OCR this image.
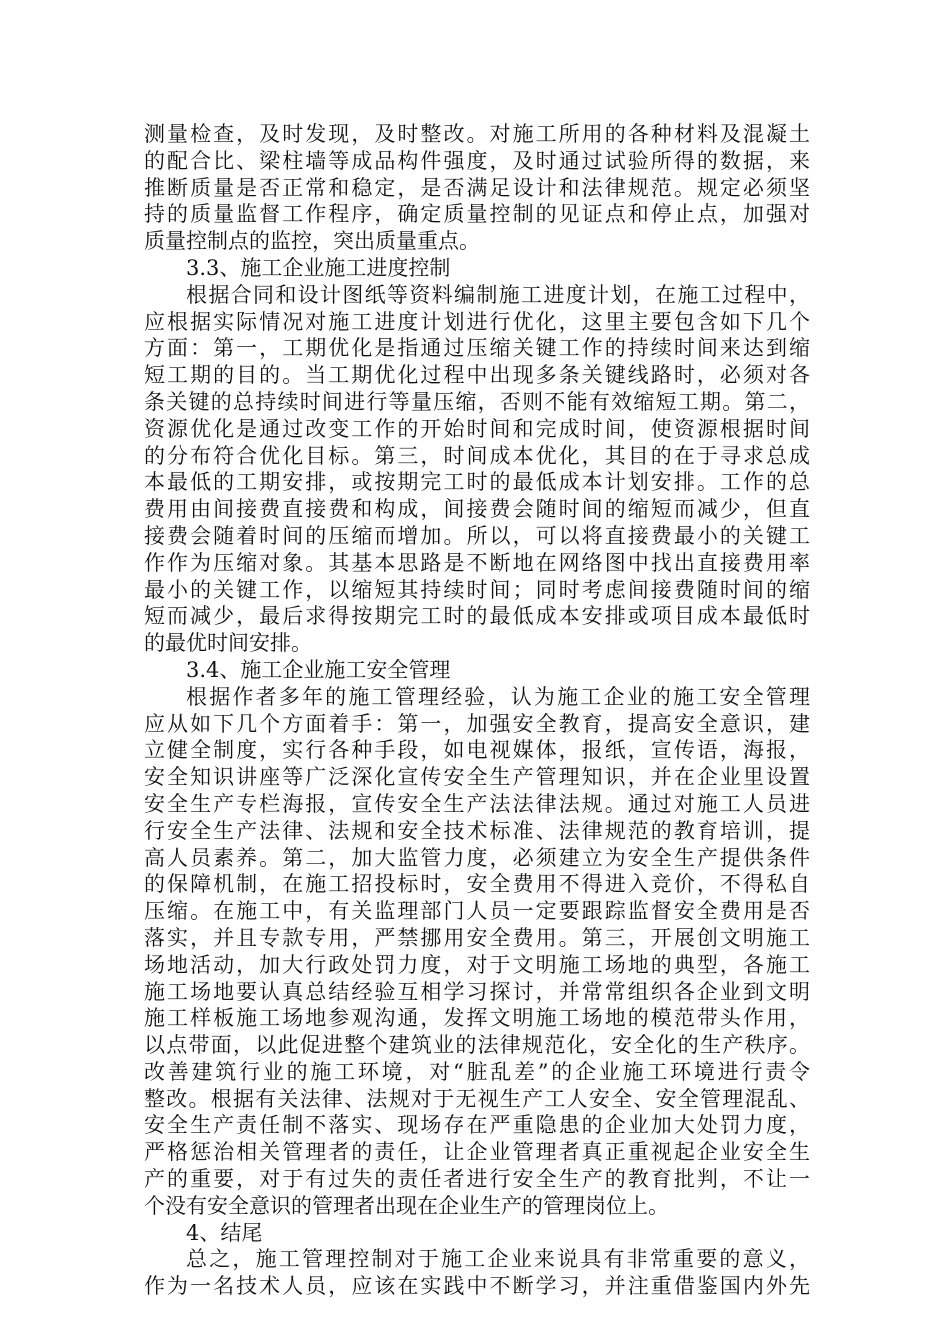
测量检查，及时发现，及时整改。对施工所用的各种材料及混凝土
的配合比、梁柱墙等成品构件强度，及时通过试验所得的数据，来
推断质量是否正常和稳定，是否满足设计和法律规范。规定必须坚
持的质量监督工作程序，确定质量控制的见证点和停止点，加强对
质量控制点的监控，突出质量重点。
3.3、施工企业施工进度控制
根据合同和设计图纸等资料编制施工进度计划，在施工过程中，
应根据实际情况对施工进度计划进行优化，这里主要包含如下几个
方面：第一，工期优化是指通过压缩关键工作的持续时间来达到缩
短工期的目的。当工期优化过程中出现多条关键线路时，必须对各
条关键的总持续时间进行等量压缩，否则不能有效缩短工期。第二，
资源优化是通过改变工作的开始时间和完成时间，使资源根据时间
的分布符合优化目标。第三，时间成本优化，其目的在于寻求总成
本最低的工期安排，或按期完工时的最低成本计划安排。工作的总
费用由间接费直接费和构成，间接费会随时间的缩短而减少，但直
接费会随着时间的压缩而增加。所以，可以将直接费最小的关键工
作作为压缩对象。其基本思路是不断地在网络图中找出直接费用率
最小的关键工作，以缩短其持续时间；同时考虑间接费随时间的缩
短而减少，最后求得按期完工时的最低成本安排或项目成本最低时
的最优时间安排。
3.4、施工企业施工安全管理
根据作者多年的施工管理经验，认为施工企业的施工安全管理
应从如下几个方面着手：第一，加强安全教育，提高安全意识，建
立健全制度，实行各种手段，如电视媒体，报纸，宣传语，海报，
安全知识讲座等广泛深化宣传安全生产管理知识，并在企业里设置
安全生产专栏海报，宣传安全生产法法律法规。通过对施工人员进
行安全生产法律、法规和安全技术标准、法律规范的教育培训，提
高人员素养。第二，加大监管力度，必须建立为安全生产提供条件
的保障机制，在施工招投标时，安全费用不得进入竞价，不得私自
压缩。在施工中，有关监理部门人员一定要跟踪监督安全费用是否
落实，并且专款专用，严禁挪用安全费用。第三，开展创文明施工
场地活动，加大行政处罚力度，对于文明施工场地的典型，各施工
施工场地要认真总结经验互相学习探讨，并常常组织各企业到文明
施工样板施工场地参观沟通，发挥文明施工场地的模范带头作用，
以点带面，以此促进整个建筑业的法律规范化，安全化的生产秩序。
改善建筑行业的施工环境，对“脏乱差”的企业施工环境进行责令
整改。根据有关法律、法规对于无视生产工人安全、安全管理混乱、
安全生产责任制不落实、现场存在严重隐患的企业加大处罚力度，
严格惩治相关管理者的责任，让企业管理者真正重视起企业安全生
产的重要，对于有过失的责任者进行安全生产的教育批判，不让一
个没有安全意识的管理者出现在企业生产的管理岗位上。
4、结尾
总之，施工管理控制对于施工企业来说具有非常重要的意义，
作为一名技术人员，应该在实践中不断学习，并注重借鉴国内外先
